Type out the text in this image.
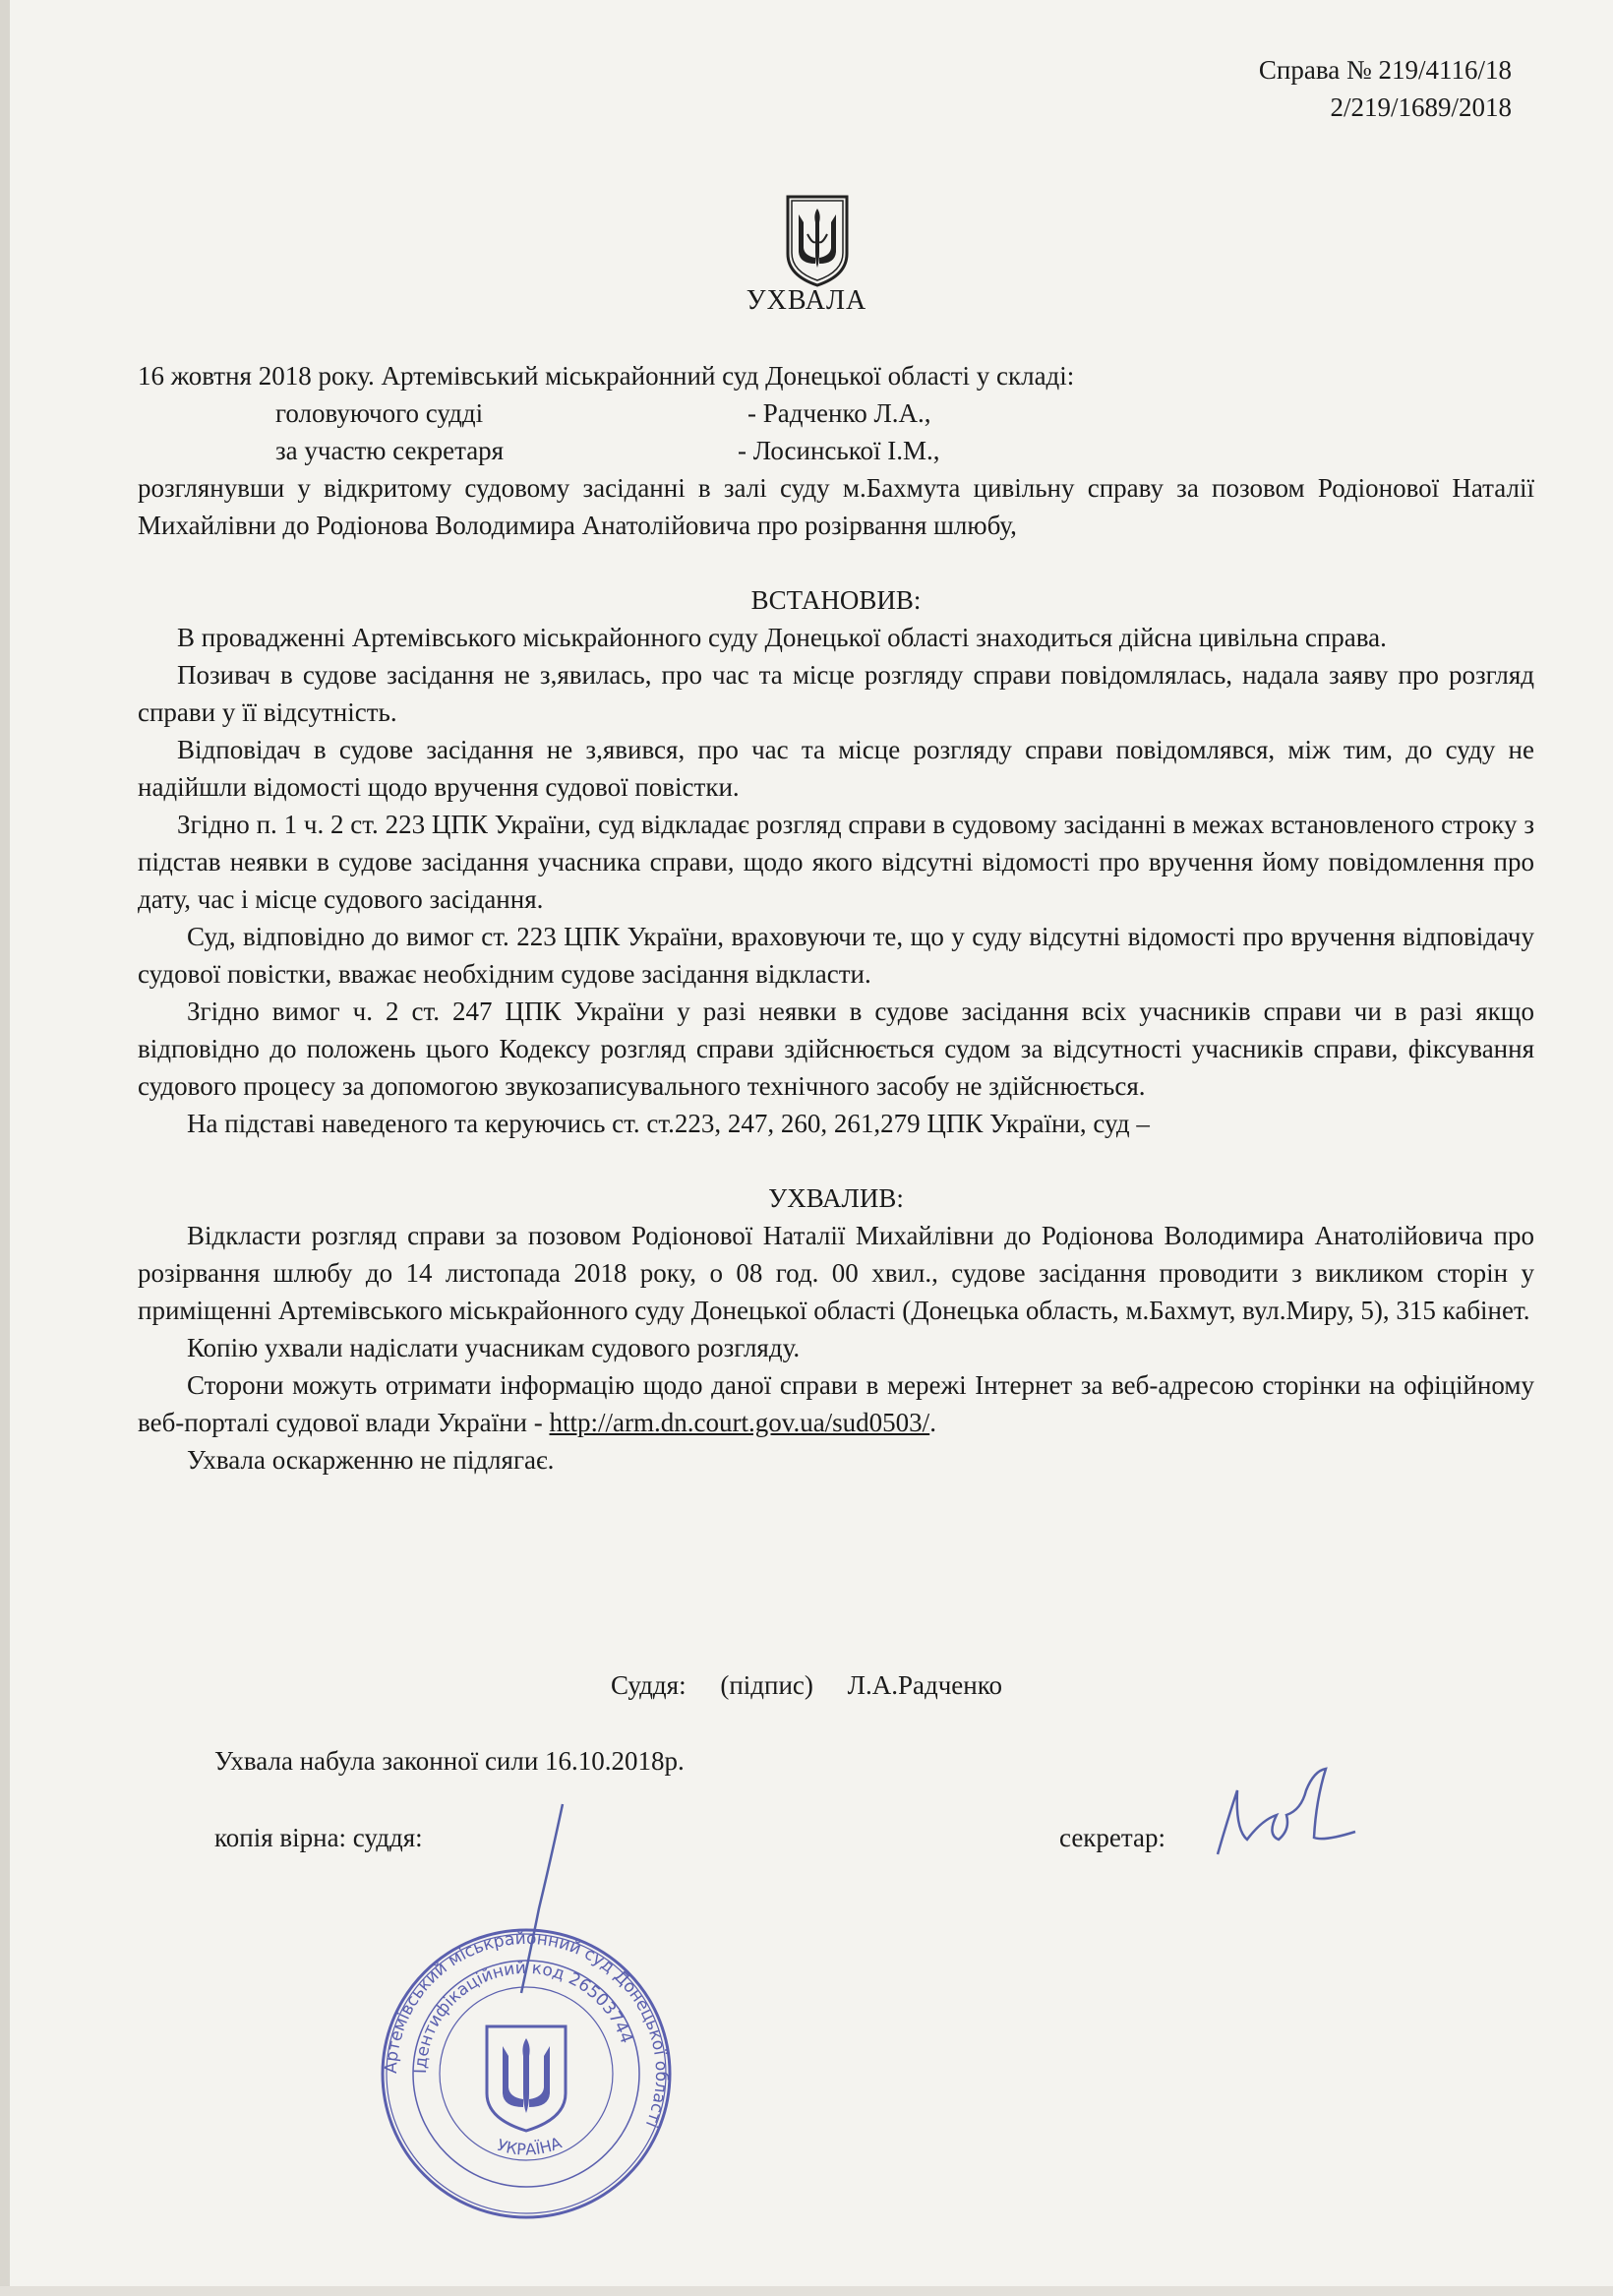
Справа № 219/4116/18
2/219/1689/2018
УХВАЛА

16 жовтня 2018 року. Артемівський міськрайонний суд Донецької області у складі:

головуючого судді	- Радченко Л.А.,
за участю секретаря	- Лосинської І.М.,

розглянувши у відкритому судовому засіданні в залі суду м.Бахмута цивільну справу за позовом Родіонової Наталії Михайлівни до Родіонова Володимира Анатолійовича про розірвання шлюбу,

ВСТАНОВИВ:

В провадженні Артемівського міськрайонного суду Донецької області знаходиться дійсна цивільна справа.

Позивач в судове засідання не з,явилась, про час та місце розгляду справи повідомлялась, надала заяву про розгляд справи у її відсутність.

Відповідач в судове засідання не з,явився, про час та місце розгляду справи повідомлявся, між тим, до суду не надійшли відомості щодо вручення судової повістки.

Згідно п. 1 ч. 2 ст. 223 ЦПК України, суд відкладає розгляд справи в судовому засіданні в межах встановленого строку з підстав неявки в судове засідання учасника справи, щодо якого відсутні відомості про вручення йому повідомлення про дату, час і місце судового засідання.

Суд, відповідно до вимог ст. 223 ЦПК України, враховуючи те, що у суду відсутні відомості про вручення відповідачу судової повістки, вважає необхідним судове засідання відкласти.

Згідно вимог ч. 2 ст. 247 ЦПК України у разі неявки в судове засідання всіх учасників справи чи в разі якщо відповідно до положень цього Кодексу розгляд справи здійснюється судом за відсутності учасників справи, фіксування судового процесу за допомогою звукозаписувального технічного засобу не здійснюється.

На підставі наведеного та керуючись ст. ст.223, 247, 260, 261,279 ЦПК України, суд –

УХВАЛИВ:

Відкласти розгляд справи за позовом Родіонової Наталії Михайлівни до Родіонова Володимира Анатолійовича про розірвання шлюбу до 14 листопада 2018 року, о 08 год. 00 хвил., судове засідання проводити з викликом сторін у приміщенні Артемівського міськрайонного суду Донецької області (Донецька область, м.Бахмут, вул.Миру, 5), 315 кабінет.

Копію ухвали надіслати учасникам судового розгляду.

Сторони можуть отримати інформацію щодо даної справи в мережі Інтернет за веб-адресою сторінки на офіційному веб-порталі судової влади України - http://arm.dn.court.gov.ua/sud0503/.

Ухвала оскарженню не підлягає.

Суддя: (підпис) Л.А.Радченко
Ухвала набула законної сили 16.10.2018р.
копія вірна: суддя:	секретар:
Артемівський міськрайонний суд Донецької області
Ідентифікаційний код 26503744
УКРАЇНА
